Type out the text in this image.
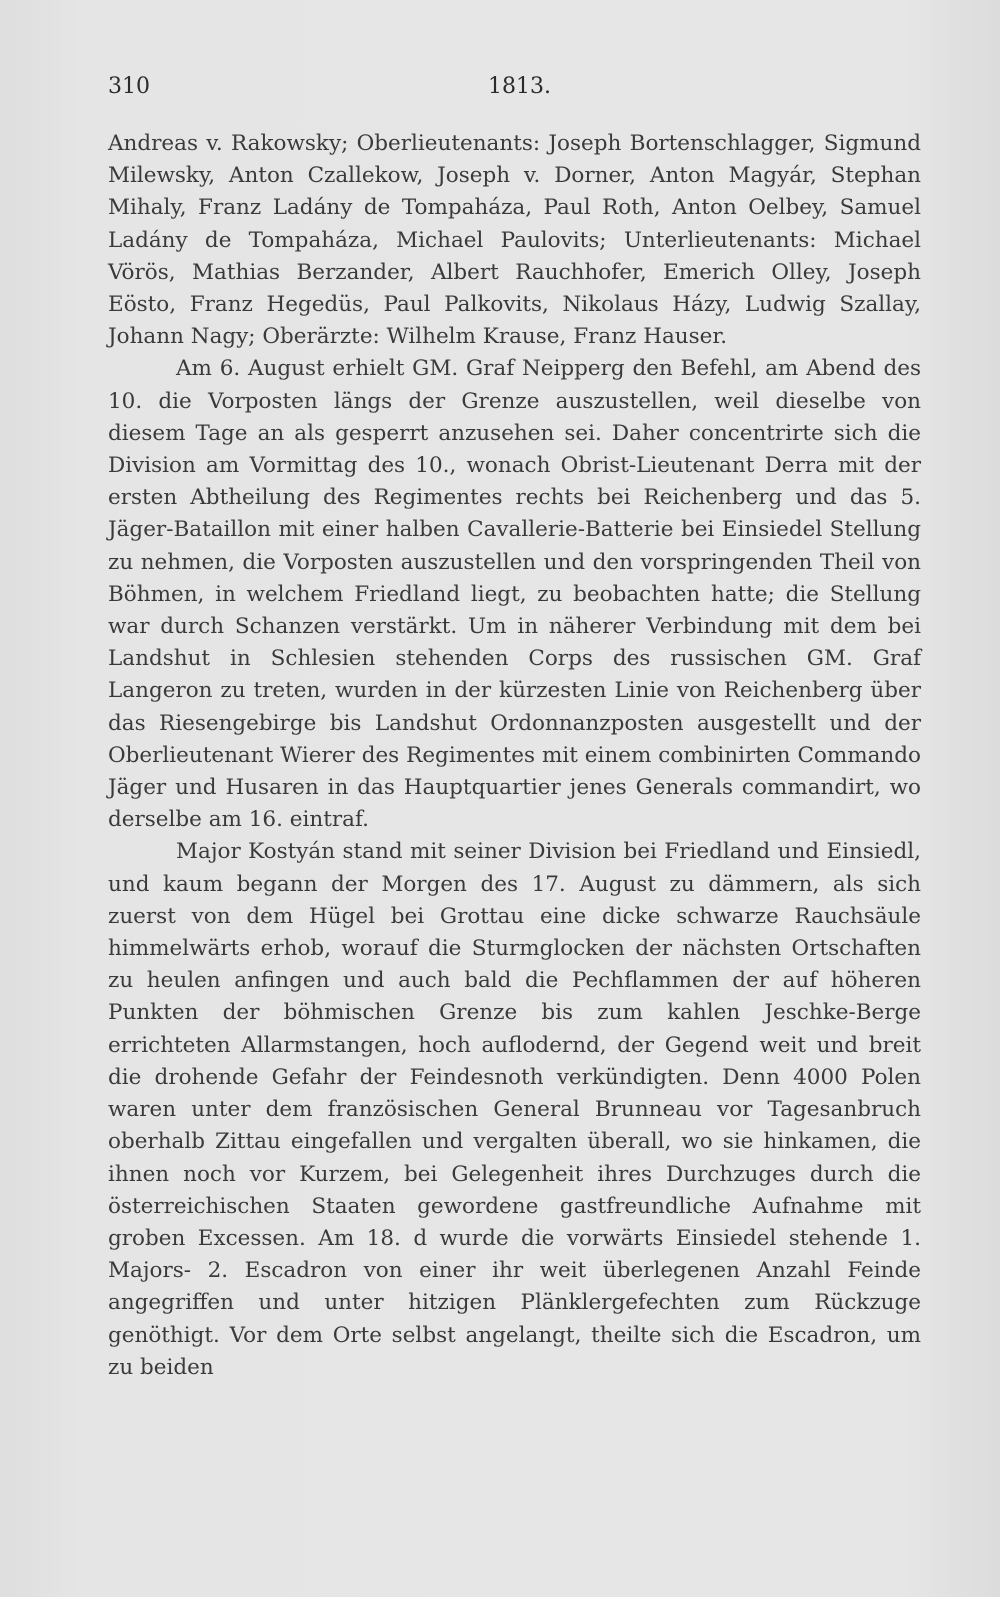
310	1813.

Andreas v. Rakowsky; Oberlieutenants: Joseph Bortenschlagger, Sigmund Milewsky, Anton Czallekow, Joseph v. Dorner, Anton Magyár, Stephan Mihaly, Franz Ladány de Tompaháza, Paul Roth, Anton Oelbey, Samuel Ladány de Tompaháza, Michael Paulovits; Unterlieutenants: Michael Vörös, Mathias Berzander, Albert Rauchhofer, Emerich Olley, Joseph Eösto, Franz Hegedüs, Paul Palkovits, Nikolaus Házy, Ludwig Szallay, Johann Nagy; Oberärzte: Wilhelm Krause, Franz Hauser.

Am 6. August erhielt GM. Graf Neipperg den Befehl, am Abend des 10. die Vorposten längs der Grenze auszustellen, weil dieselbe von diesem Tage an als gesperrt anzusehen sei. Daher concentrirte sich die Division am Vormittag des 10., wonach Obrist-Lieutenant Derra mit der ersten Abtheilung des Regimentes rechts bei Reichenberg und das 5. Jäger-Bataillon mit einer halben Cavallerie-Batterie bei Einsiedel Stellung zu nehmen, die Vorposten auszustellen und den vorspringenden Theil von Böhmen, in welchem Friedland liegt, zu beobachten hatte; die Stellung war durch Schanzen verstärkt. Um in näherer Verbindung mit dem bei Landshut in Schlesien stehenden Corps des russischen GM. Graf Langeron zu treten, wurden in der kürzesten Linie von Reichenberg über das Riesengebirge bis Landshut Ordonnanzposten ausgestellt und der Oberlieutenant Wierer des Regimentes mit einem combinirten Commando Jäger und Husaren in das Hauptquartier jenes Generals commandirt, wo derselbe am 16. eintraf.

Major Kostyán stand mit seiner Division bei Friedland und Einsiedl, und kaum begann der Morgen des 17. August zu dämmern, als sich zuerst von dem Hügel bei Grottau eine dicke schwarze Rauchsäule himmelwärts erhob, worauf die Sturmglocken der nächsten Ortschaften zu heulen anfingen und auch bald die Pechflammen der auf höheren Punkten der böhmischen Grenze bis zum kahlen Jeschke-Berge errichteten Allarmstangen, hoch auflodernd, der Gegend weit und breit die drohende Gefahr der Feindesnoth verkündigten. Denn 4000 Polen waren unter dem französischen General Brunneau vor Tagesanbruch oberhalb Zittau eingefallen und vergalten überall, wo sie hinkamen, die ihnen noch vor Kurzem, bei Gelegenheit ihres Durchzuges durch die österreichischen Staaten gewordene gastfreundliche Aufnahme mit groben Excessen. Am 18. d wurde die vorwärts Einsiedel stehende 1. Majors- 2. Escadron von einer ihr weit überlegenen Anzahl Feinde angegriffen und unter hitzigen Plänklergefechten zum Rückzuge genöthigt. Vor dem Orte selbst angelangt, theilte sich die Escadron, um zu beiden
